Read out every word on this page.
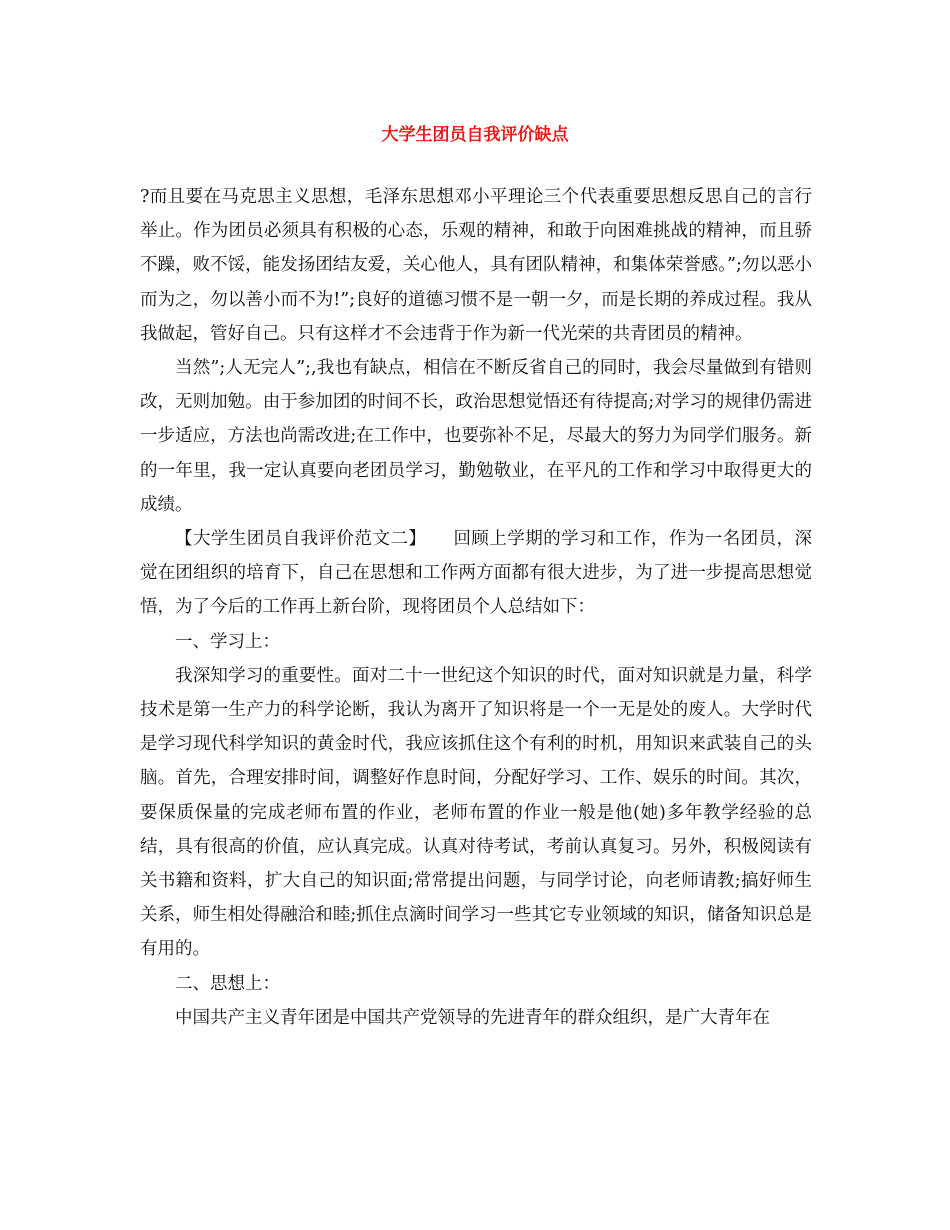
大学生团员自我评价缺点

?而且要在马克思主义思想，毛泽东思想邓小平理论三个代表重要思想反思自己的言行举止。作为团员必须具有积极的心态，乐观的精神，和敢于向困难挑战的精神，而且骄不躁，败不馁，能发扬团结友爱，关心他人，具有团队精神，和集体荣誉感。”;勿以恶小而为之，勿以善小而不为!”;良好的道德习惯不是一朝一夕，而是长期的养成过程。我从我做起，管好自己。只有这样才不会违背于作为新一代光荣的共青团员的精神。

当然”;人无完人”;,我也有缺点，相信在不断反省自己的同时，我会尽量做到有错则改，无则加勉。由于参加团的时间不长，政治思想觉悟还有待提高;对学习的规律仍需进一步适应，方法也尚需改进;在工作中，也要弥补不足，尽最大的努力为同学们服务。新的一年里，我一定认真要向老团员学习，勤勉敬业，在平凡的工作和学习中取得更大的成绩。

【大学生团员自我评价范文二】　　回顾上学期的学习和工作，作为一名团员，深觉在团组织的培育下，自己在思想和工作两方面都有很大进步，为了进一步提高思想觉悟，为了今后的工作再上新台阶，现将团员个人总结如下：

一、学习上：

我深知学习的重要性。面对二十一世纪这个知识的时代，面对知识就是力量，科学技术是第一生产力的科学论断，我认为离开了知识将是一个一无是处的废人。大学时代是学习现代科学知识的黄金时代，我应该抓住这个有利的时机，用知识来武装自己的头脑。首先，合理安排时间，调整好作息时间，分配好学习、工作、娱乐的时间。其次，要保质保量的完成老师布置的作业，老师布置的作业一般是他(她)多年教学经验的总结，具有很高的价值，应认真完成。认真对待考试，考前认真复习。另外，积极阅读有关书籍和资料，扩大自己的知识面;常常提出问题，与同学讨论，向老师请教;搞好师生关系，师生相处得融洽和睦;抓住点滴时间学习一些其它专业领域的知识，储备知识总是有用的。

二、思想上：

中国共产主义青年团是中国共产党领导的先进青年的群众组织，是广大青年在
